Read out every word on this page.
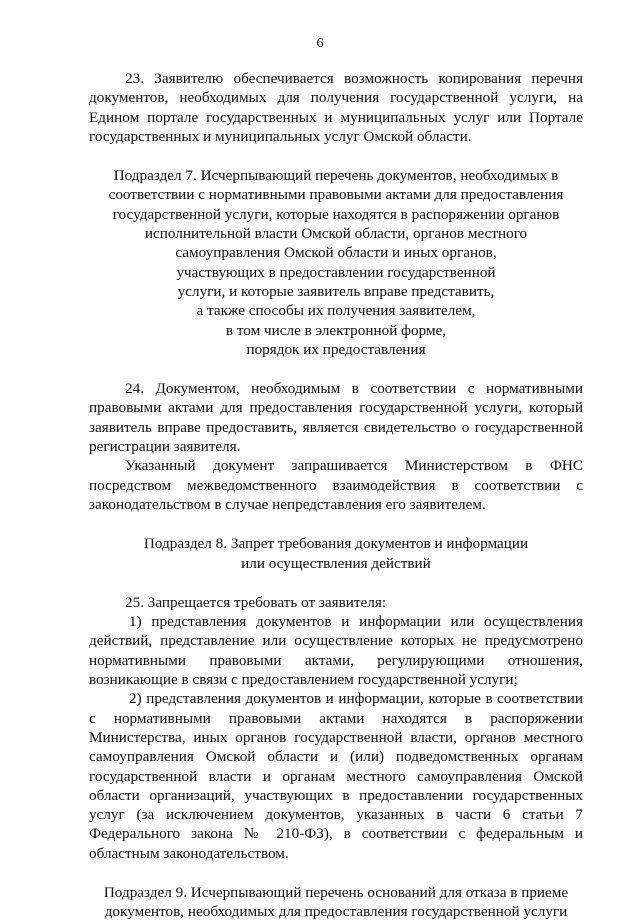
6
23. Заявителю обеспечивается возможность копирования перечня
документов, необходимых для получения государственной услуги, на
Едином портале государственных и муниципальных услуг или Портале
государственных и муниципальных услуг Омской области.
Подраздел 7. Исчерпывающий перечень документов, необходимых в
соответствии с нормативными правовыми актами для предоставления
государственной услуги, которые находятся в распоряжении органов
исполнительной власти Омской области, органов местного
самоуправления Омской области и иных органов,
участвующих в предоставлении государственной
услуги, и которые заявитель вправе представить,
а также способы их получения заявителем,
в том числе в электронной форме,
порядок их предоставления
24. Документом, необходимым в соответствии с нормативными
правовыми актами для предоставления государственной услуги, который
заявитель вправе предоставить, является свидетельство о государственной
регистрации заявителя.
Указанный документ запрашивается Министерством в ФНС
посредством межведомственного взаимодействия в соответствии с
законодательством в случае непредставления его заявителем.
Подраздел 8. Запрет требования документов и информации
или осуществления действий
25. Запрещается требовать от заявителя:
1) представления документов и информации или осуществления
действий, представление или осуществление которых не предусмотрено
нормативными правовыми актами, регулирующими отношения,
возникающие в связи с предоставлением государственной услуги;
2) представления документов и информации, которые в соответствии
с нормативными правовыми актами находятся в распоряжении
Министерства, иных органов государственной власти, органов местного
самоуправления Омской области и (или) подведомственных органам
государственной власти и органам местного самоуправления Омской
области организаций, участвующих в предоставлении государственных
услуг (за исключением документов, указанных в части 6 статьи 7
Федерального закона № 210-ФЗ), в соответствии с федеральным и
областным законодательством.
Подраздел 9. Исчерпывающий перечень оснований для отказа в приеме
документов, необходимых для предоставления государственной услуги
